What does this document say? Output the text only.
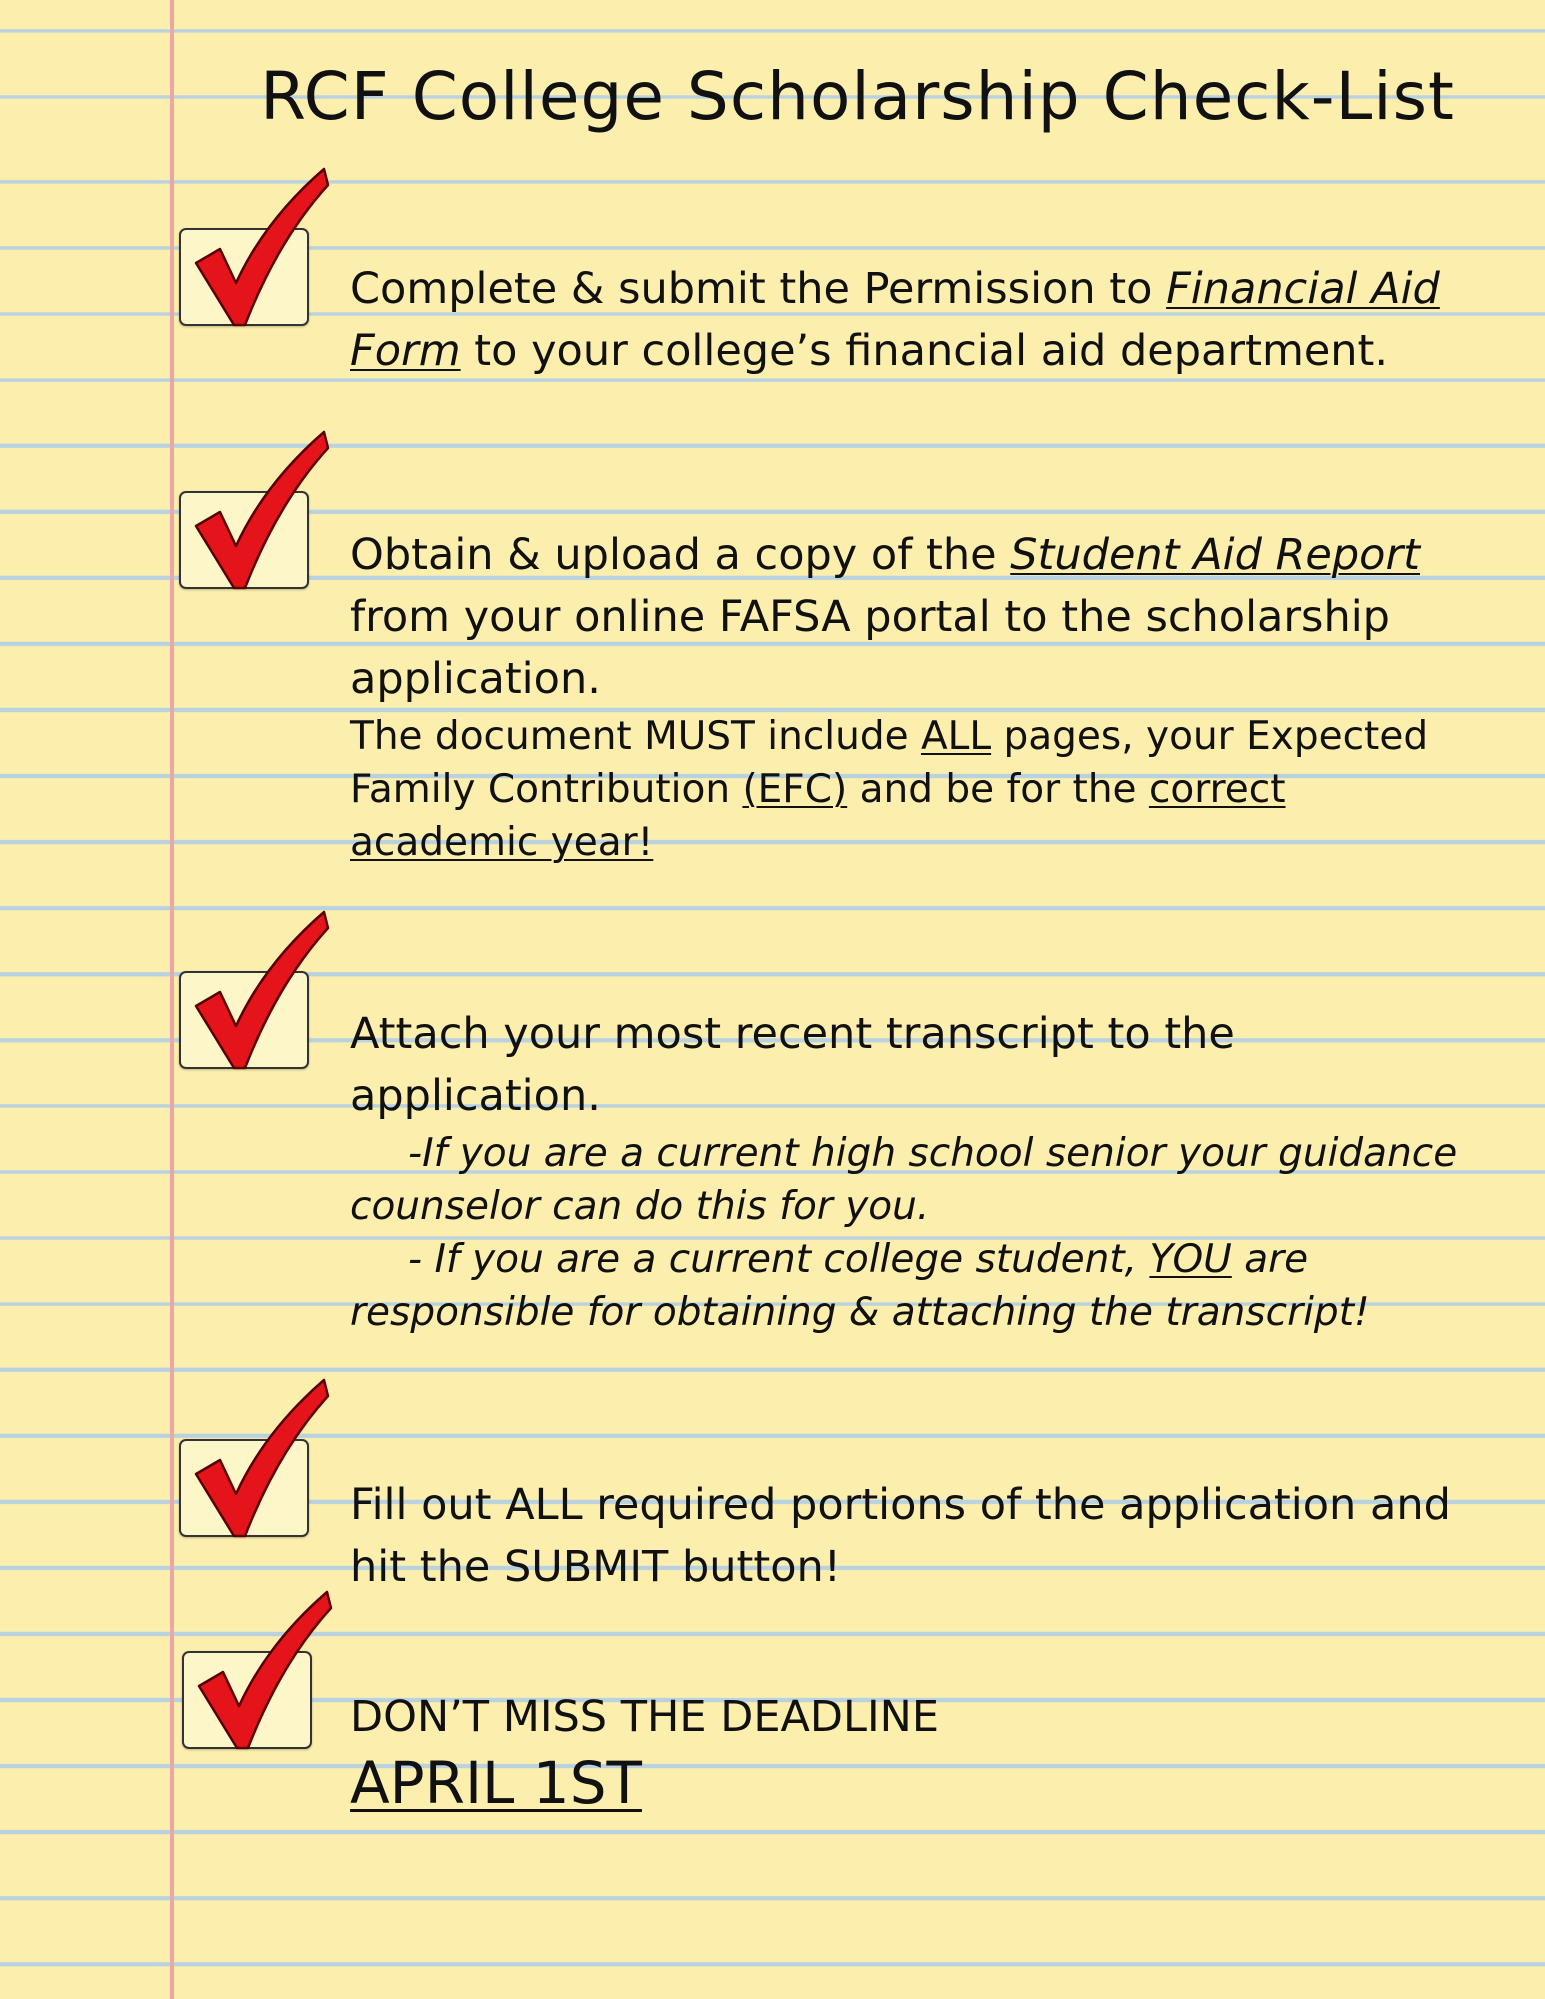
RCF College Scholarship Check-List

Complete & submit the Permission to Financial Aid Form to your college’s financial aid department.

Obtain & upload a copy of the Student Aid Report from your online FAFSA portal to the scholarship application.

The document MUST include ALL pages, your Expected Family Contribution (EFC) and be for the correct academic year!

Attach your most recent transcript to the application.

-If you are a current high school senior your guidance counselor can do this for you.

- If you are a current college student, YOU are responsible for obtaining & attaching the transcript!

Fill out ALL required portions of the application and hit the SUBMIT button!

DON’T MISS THE DEADLINE

APRIL 1ST
